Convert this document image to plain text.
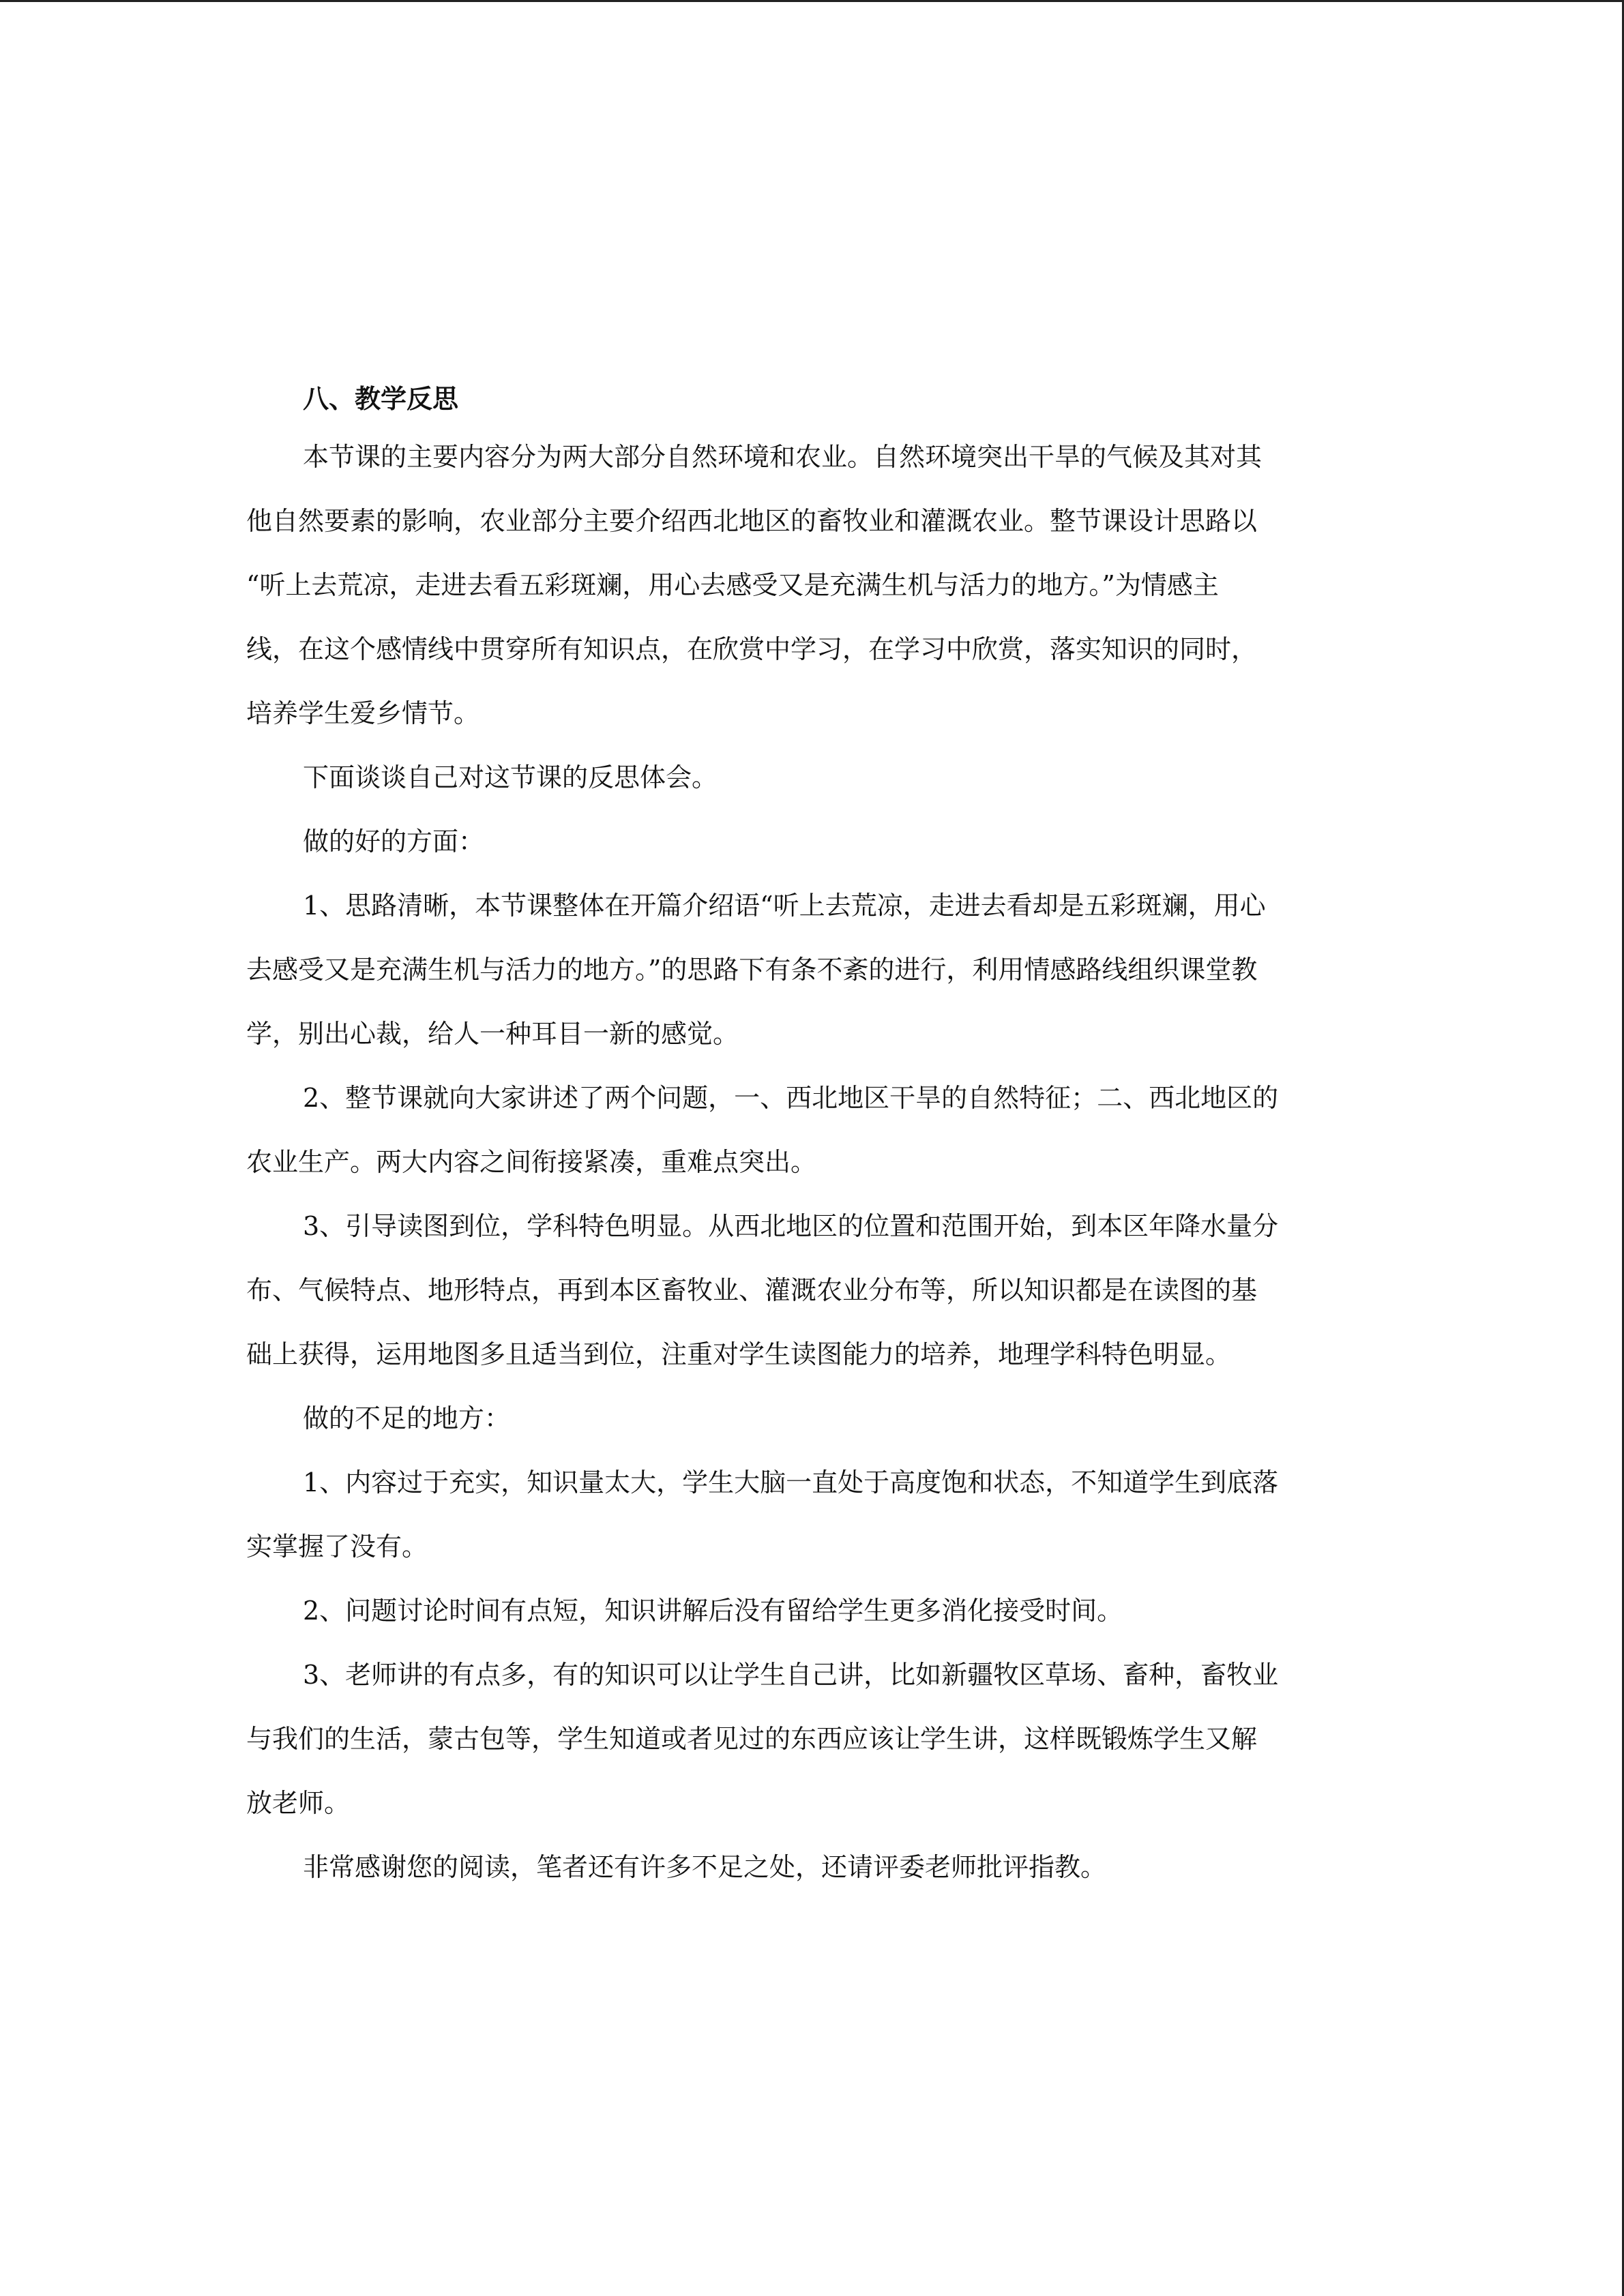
八、教学反思
本节课的主要内容分为两大部分自然环境和农业。自然环境突出干旱的气候及其对其
他自然要素的影响，农业部分主要介绍西北地区的畜牧业和灌溉农业。整节课设计思路以
“听上去荒凉，走进去看五彩斑斓，用心去感受又是充满生机与活力的地方。”为情感主
线，在这个感情线中贯穿所有知识点，在欣赏中学习，在学习中欣赏，落实知识的同时，
培养学生爱乡情节。
下面谈谈自己对这节课的反思体会。
做的好的方面：
1、思路清晰，本节课整体在开篇介绍语“听上去荒凉，走进去看却是五彩斑斓，用心
去感受又是充满生机与活力的地方。”的思路下有条不紊的进行，利用情感路线组织课堂教
学，别出心裁，给人一种耳目一新的感觉。
2、整节课就向大家讲述了两个问题，一、西北地区干旱的自然特征；二、西北地区的
农业生产。两大内容之间衔接紧凑，重难点突出。
3、引导读图到位，学科特色明显。从西北地区的位置和范围开始，到本区年降水量分
布、气候特点、地形特点，再到本区畜牧业、灌溉农业分布等，所以知识都是在读图的基
础上获得，运用地图多且适当到位，注重对学生读图能力的培养，地理学科特色明显。
做的不足的地方：
1、内容过于充实，知识量太大，学生大脑一直处于高度饱和状态，不知道学生到底落
实掌握了没有。
2、问题讨论时间有点短，知识讲解后没有留给学生更多消化接受时间。
3、老师讲的有点多，有的知识可以让学生自己讲，比如新疆牧区草场、畜种，畜牧业
与我们的生活，蒙古包等，学生知道或者见过的东西应该让学生讲，这样既锻炼学生又解
放老师。
非常感谢您的阅读，笔者还有许多不足之处，还请评委老师批评指教。
